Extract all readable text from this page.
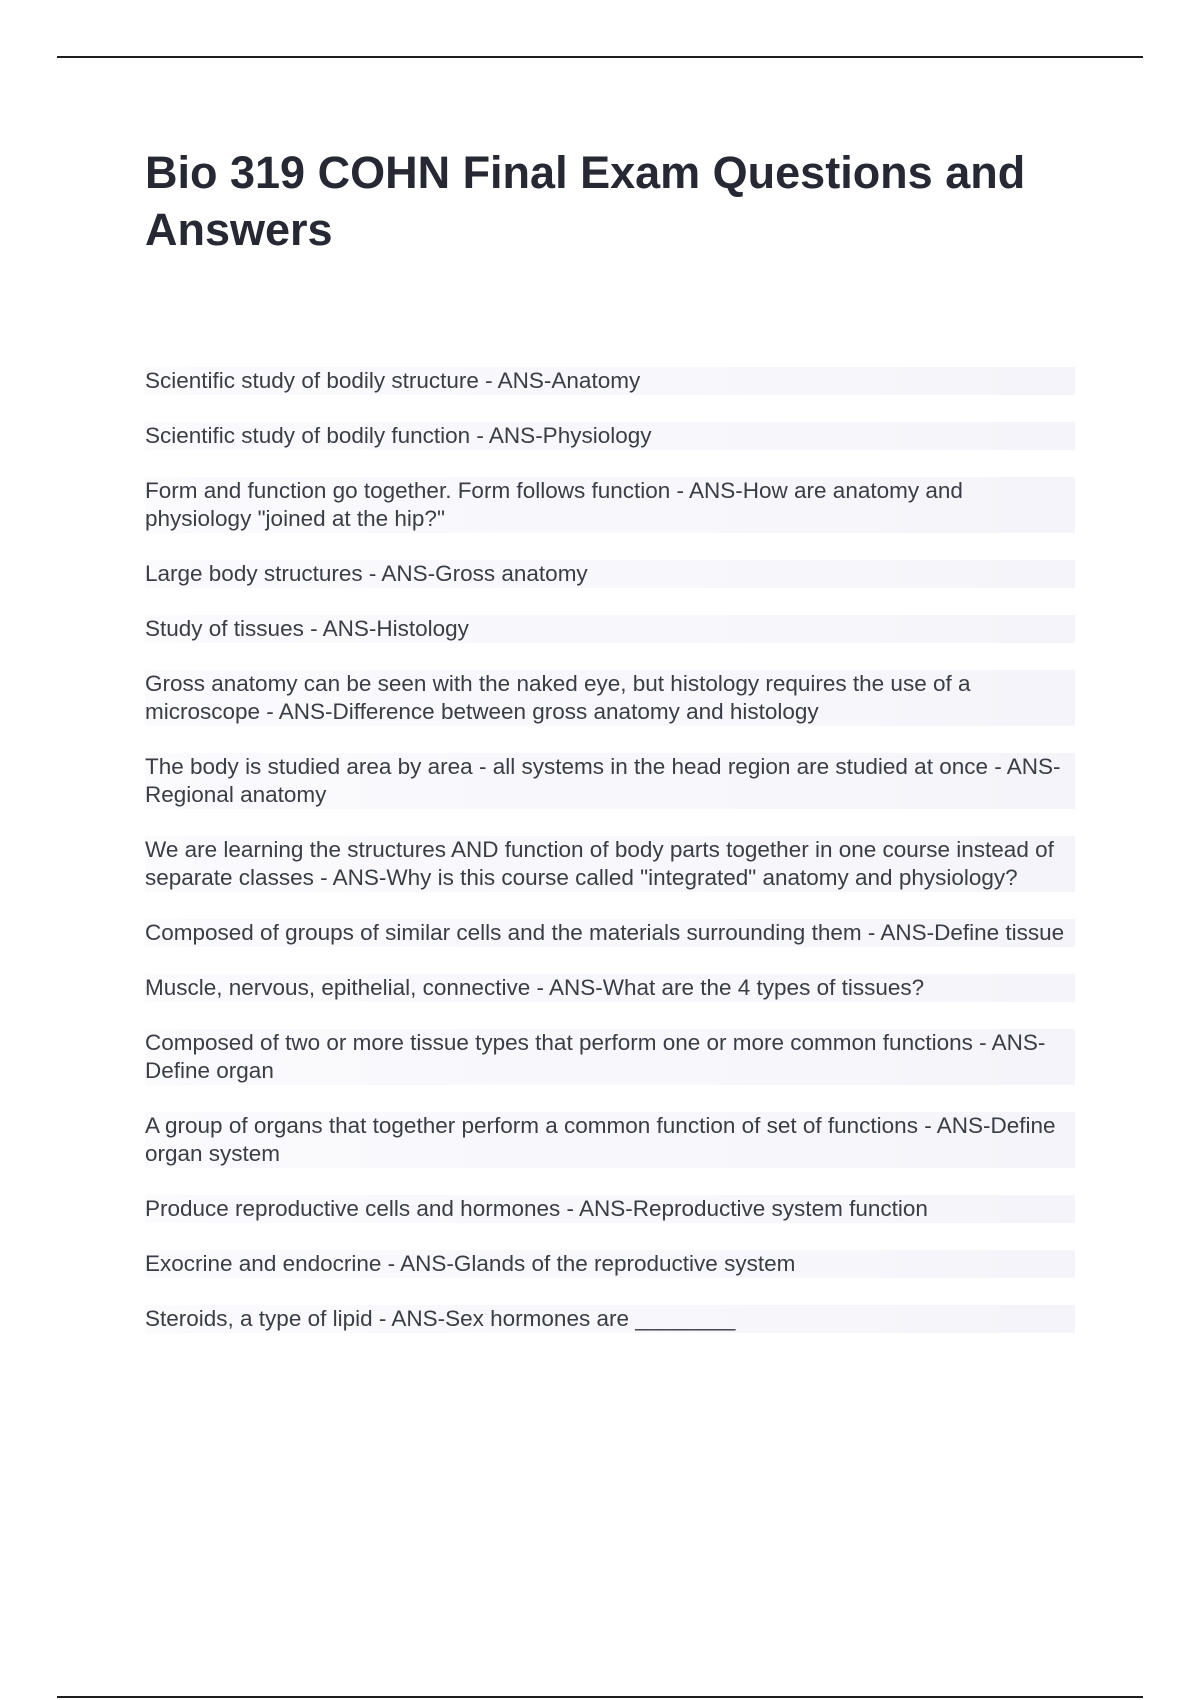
Bio 319 COHN Final Exam Questions and Answers

Scientific study of bodily structure - ANS-Anatomy

Scientific study of bodily function - ANS-Physiology

Form and function go together. Form follows function - ANS-How are anatomy and physiology "joined at the hip?"

Large body structures - ANS-Gross anatomy

Study of tissues - ANS-Histology

Gross anatomy can be seen with the naked eye, but histology requires the use of a microscope - ANS-Difference between gross anatomy and histology

The body is studied area by area - all systems in the head region are studied at once - ANS-Regional anatomy

We are learning the structures AND function of body parts together in one course instead of separate classes - ANS-Why is this course called "integrated" anatomy and physiology?

Composed of groups of similar cells and the materials surrounding them - ANS-Define tissue

Muscle, nervous, epithelial, connective - ANS-What are the 4 types of tissues?

Composed of two or more tissue types that perform one or more common functions - ANS-Define organ

A group of organs that together perform a common function of set of functions - ANS-Define organ system

Produce reproductive cells and hormones - ANS-Reproductive system function

Exocrine and endocrine - ANS-Glands of the reproductive system

Steroids, a type of lipid - ANS-Sex hormones are ________
